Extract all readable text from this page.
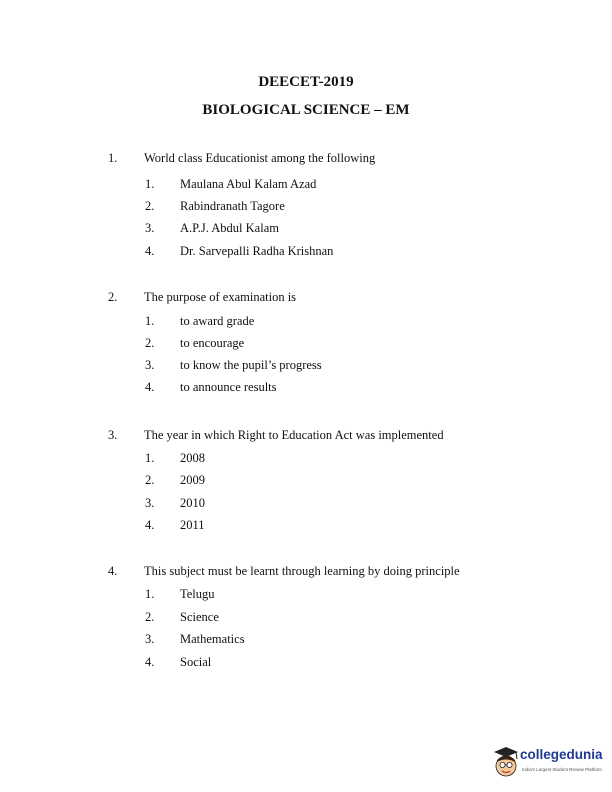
DEECET-2019
BIOLOGICAL SCIENCE – EM
1. World class Educationist among the following
1. Maulana Abul Kalam Azad
2. Rabindranath Tagore
3. A.P.J. Abdul Kalam
4. Dr. Sarvepalli Radha Krishnan
2. The purpose of examination is
1. to award grade
2. to encourage
3. to know the pupil’s progress
4. to announce results
3. The year in which Right to Education Act was implemented
1. 2008
2. 2009
3. 2010
4. 2011
4. This subject must be learnt through learning by doing principle
1. Telugu
2. Science
3. Mathematics
4. Social
collegedunia
India's Largest Student Review Platform
